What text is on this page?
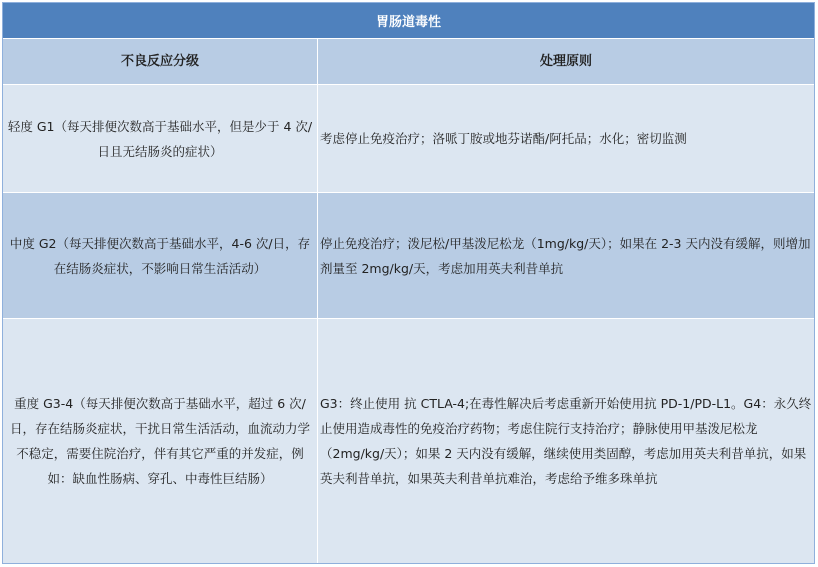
胃肠道毒性
不良反应分级	处理原则
轻度 G1（每天排便次数高于基础水平，但是少于 4 次/日且无结肠炎的症状）
考虑停止免疫治疗；洛哌丁胺或地芬诺酯/阿托品；水化；密切监测
中度 G2（每天排便次数高于基础水平，4-6 次/日，存在结肠炎症状，不影响日常生活活动）
停止免疫治疗；泼尼松/甲基泼尼松龙（1mg/kg/天）；如果在 2-3 天内没有缓解，则增加剂量至 2mg/kg/天，考虑加用英夫利昔单抗
重度 G3-4（每天排便次数高于基础水平，超过 6 次/日，存在结肠炎症状，干扰日常生活活动，血流动力学不稳定，需要住院治疗，伴有其它严重的并发症，例如：缺血性肠病、穿孔、中毒性巨结肠）
G3：终止使用 抗 CTLA-4;在毒性解决后考虑重新开始使用抗 PD-1/PD-L1。G4：永久终止使用造成毒性的免疫治疗药物；考虑住院行支持治疗；静脉使用甲基泼尼松龙（2mg/kg/天）；如果 2 天内没有缓解，继续使用类固醇，考虑加用英夫利昔单抗，如果英夫利昔单抗，如果英夫利昔单抗难治，考虑给予维多珠单抗
